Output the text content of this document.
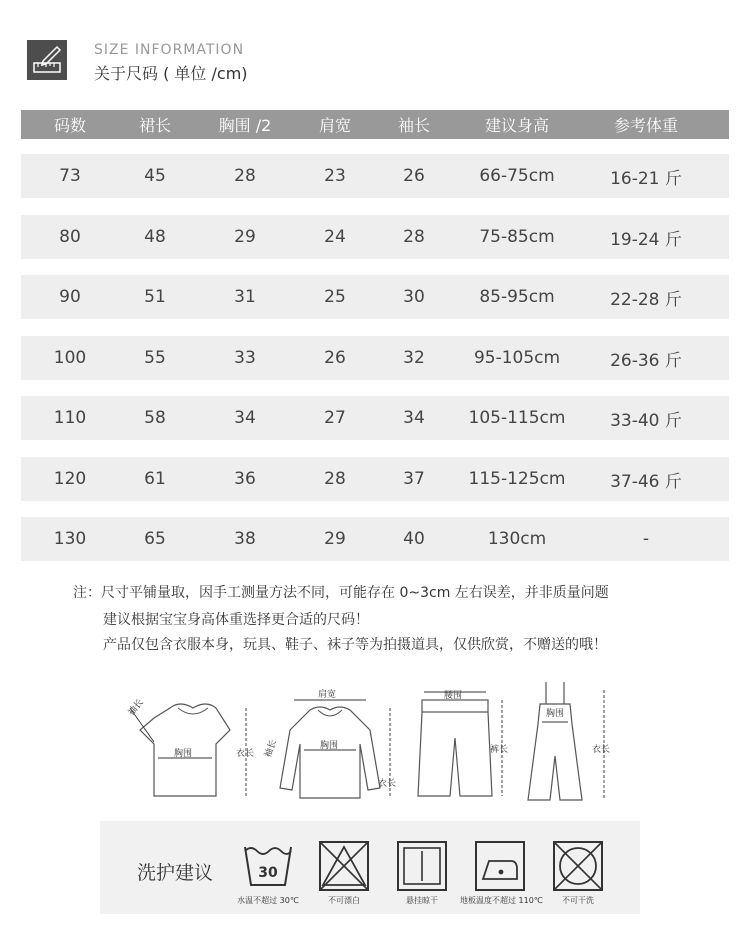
SIZE INFORMATION
关于尺码 ( 单位 /cm)
码数	裙长	胸围 /2	肩宽	袖长	建议身高	参考体重
73	45	28	23	26	66-75cm	16-21 斤
80	48	29	24	28	75-85cm	19-24 斤
90	51	31	25	30	85-95cm	22-28 斤
100	55	33	26	32	95-105cm	26-36 斤
110	58	34	27	34	105-115cm	33-40 斤
120	61	36	28	37	115-125cm	37-46 斤
130	65	38	29	40	130cm	-
注：尺寸平铺量取，因手工测量方法不同，可能存在 0~3cm 左右误差，并非质量问题
建议根据宝宝身高体重选择更合适的尺码！
产品仅包含衣服本身，玩具、鞋子、袜子等为拍摄道具，仅供欣赏，不赠送的哦！
袖长
胸围	衣长
肩宽
袖长	胸围
衣长
腰围
裤长
胸围
衣长
洗护建议	30
水温不超过 30℃	不可漂白	悬挂晾干	地板温度不超过 110℃	不可干洗
